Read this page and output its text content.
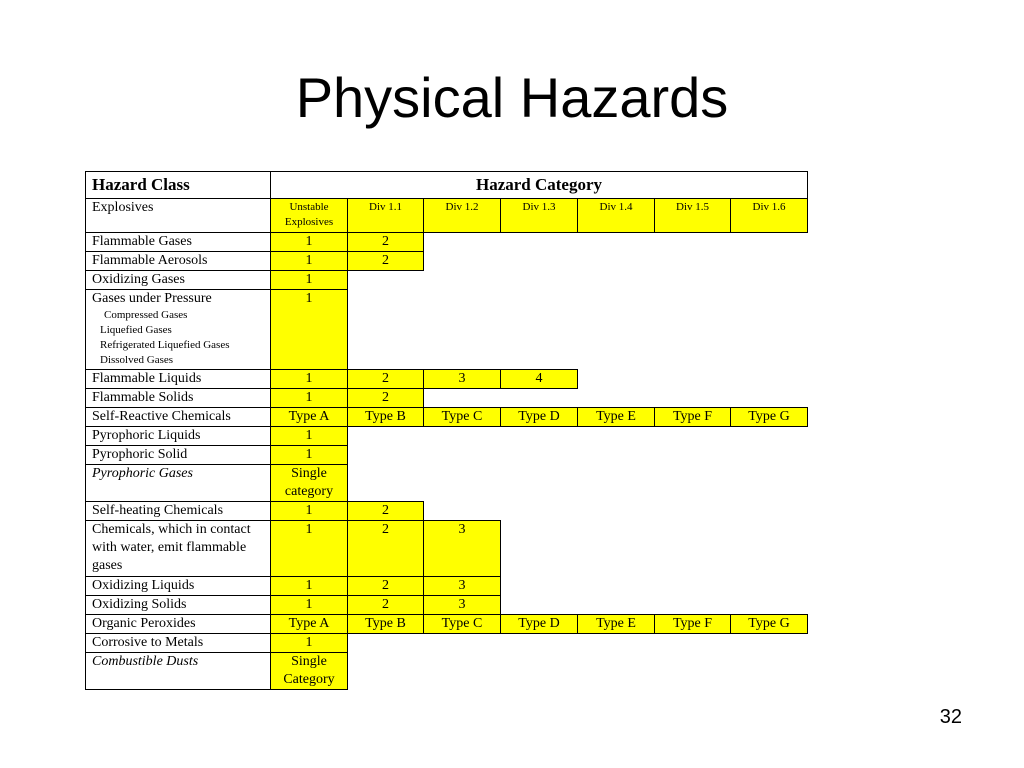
Physical Hazards
Hazard Class	Hazard Category						

Explosives	Unstable Explosives	Div 1.1	Div 1.2	Div 1.3	Div 1.4	Div 1.5	Div 1.6

Flammable Gases	1	2					

Flammable Aerosols	1	2					

Oxidizing Gases	1						

Gases under Pressure
Compressed Gases
Liquefied Gases
Refrigerated Liquefied Gases
Dissolved Gases	1						

Flammable Liquids	1	2	3	4			

Flammable Solids	1	2					

Self-Reactive Chemicals	Type A	Type B	Type C	Type D	Type E	Type F	Type G

Pyrophoric Liquids	1						

Pyrophoric Solid	1						

Pyrophoric Gases	Single category						

Self-heating Chemicals	1	2					

Chemicals, which in contact with water, emit flammable gases	1	2	3				

Oxidizing Liquids	1	2	3				

Oxidizing Solids	1	2	3				

Organic Peroxides	Type A	Type B	Type C	Type D	Type E	Type F	Type G

Corrosive to Metals	1						

Combustible Dusts	Single Category						
32
